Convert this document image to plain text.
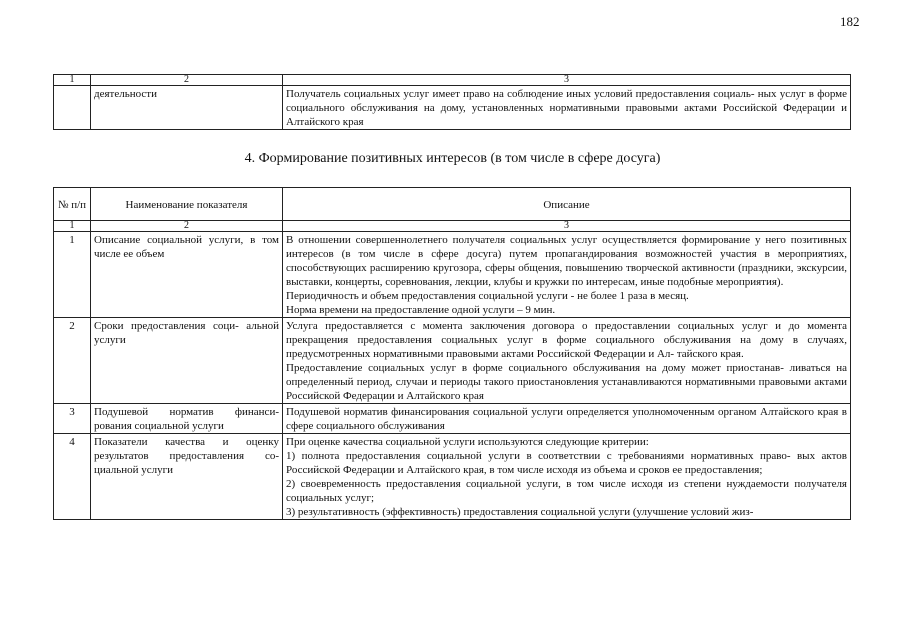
182
1	2	3
	деятельности	Получатель социальных услуг имеет право на соблюдение иных условий предоставления социаль- ных услуг в форме социального обслуживания на дому, установленных нормативными правовыми актами Российской Федерации и Алтайского края
4. Формирование позитивных интересов (в том числе в сфере досуга)
№ п/п	Наименование показателя	Описание
1	2	3
1	Описание социальной услуги, в том числе ее объем	В отношении совершеннолетнего получателя социальных услуг осуществляется формирование у него позитивных интересов (в том числе в сфере досуга) путем пропагандирования возможностей участия в мероприятиях, способствующих расширению кругозора, сферы общения, повышению творческой активности (праздники, экскурсии, выставки, концерты, соревнования, лекции, клубы и кружки по интересам, иные подобные мероприятия).

Периодичность и объем предоставления социальной услуги - не более 1 раза в месяц.

Норма времени на предоставление одной услуги – 9 мин.

2	Сроки предоставления соци- альной услуги	Услуга предоставляется с момента заключения договора о предоставлении социальных услуг и до момента прекращения предоставления социальных услуг в форме социального обслуживания на дому в случаях, предусмотренных нормативными правовыми актами Российской Федерации и Ал- тайского края.

Предоставление социальных услуг в форме социального обслуживания на дому может приостанав- ливаться на определенный период, случаи и периоды такого приостановления устанавливаются нормативными правовыми актами Российской Федерации и Алтайского края

3	Подушевой норматив финанси- рования социальной услуги	Подушевой норматив финансирования социальной услуги определяется уполномоченным органом Алтайского края в сфере социального обслуживания

4	Показатели качества и оценку результатов предоставления со- циальной услуги	При оценке качества социальной услуги используются следующие критерии:

1) полнота предоставления социальной услуги в соответствии с требованиями нормативных право- вых актов Российской Федерации и Алтайского края, в том числе исходя из объема и сроков ее предоставления;

2) своевременность предоставления социальной услуги, в том числе исходя из степени нуждаемости получателя социальных услуг;

3) результативность (эффективность) предоставления социальной услуги (улучшение условий жиз-
